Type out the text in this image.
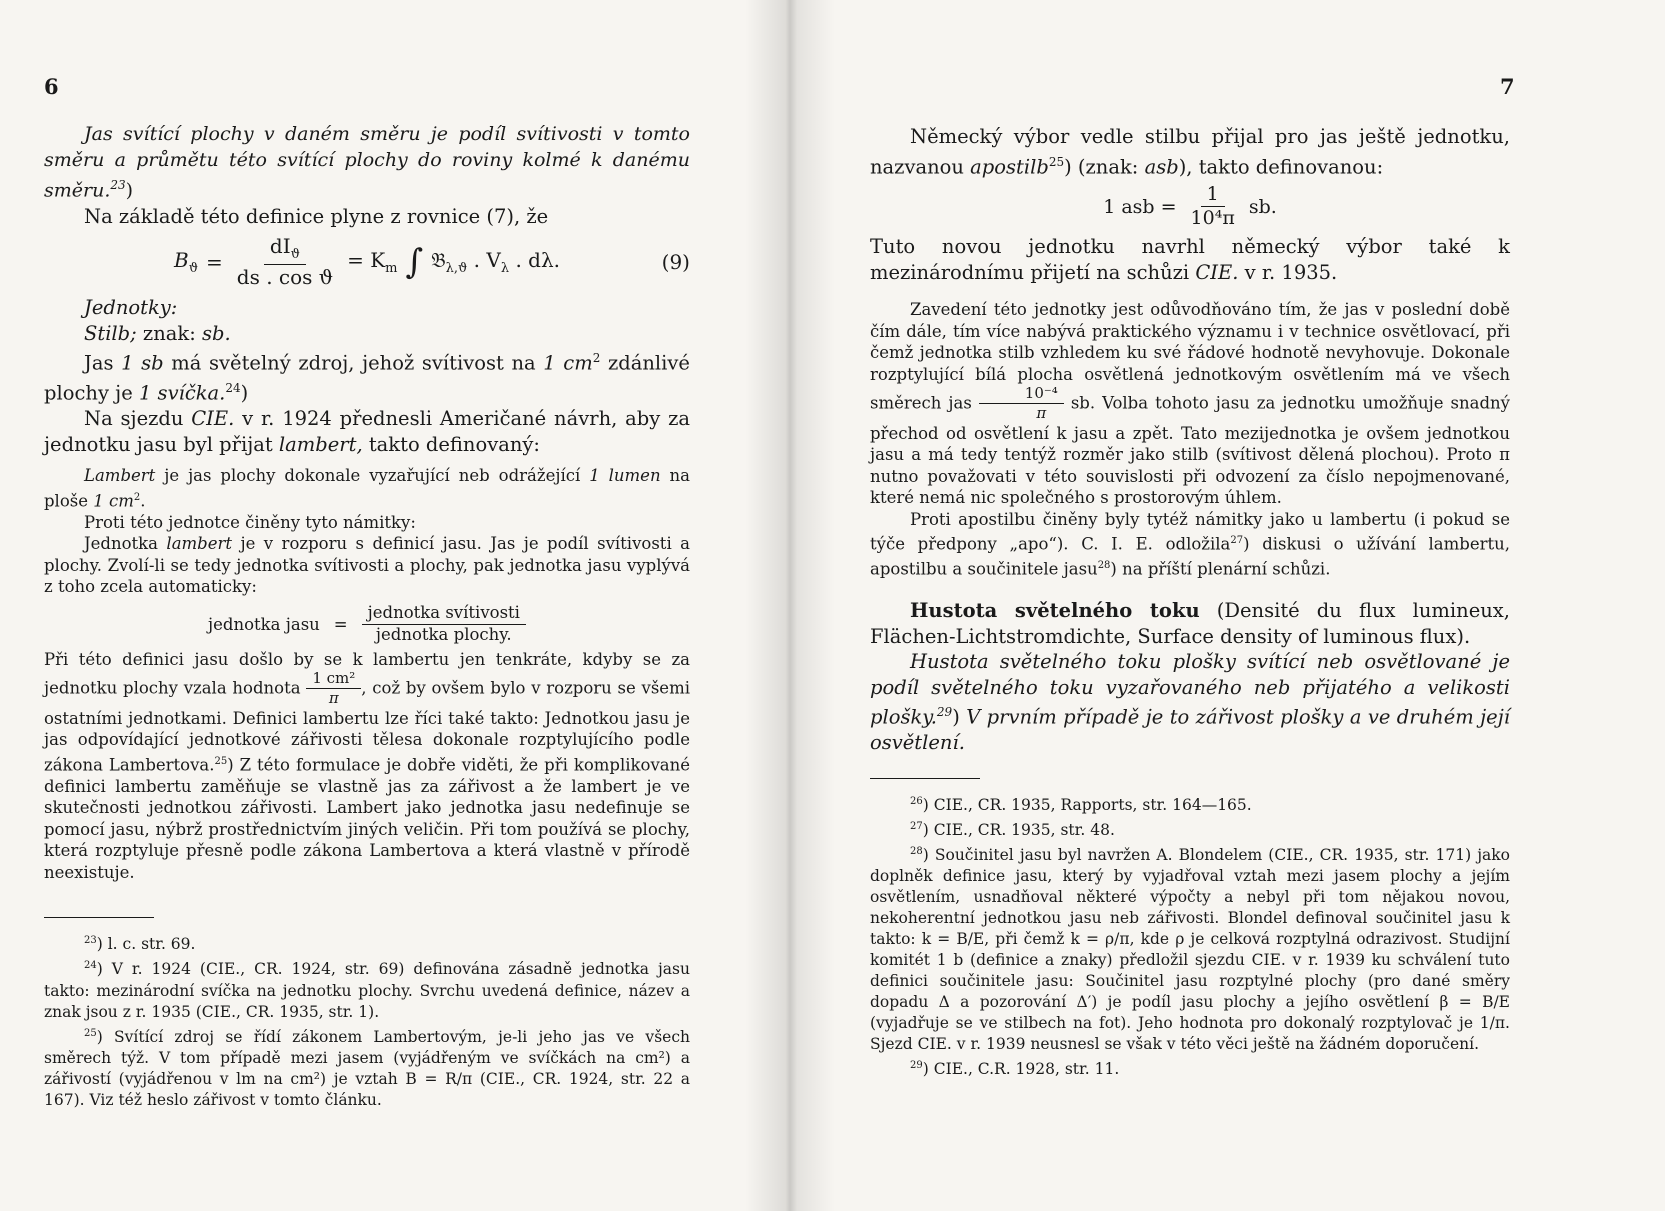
6

Jas svítící plochy v daném směru je podíl svítivosti v tomto směru a průmětu této svítící plochy do roviny kolmé k danému směru.$^{23}$)

Na základě této definice plyne z rovnice (7), že

$B_ϑ = \frac{dI_ϑ}{\text{ds . cos ϑ}} = K_m$ ∫ 𝔅$_{\lambda,ϑ}$ . $V_\lambda$ . dλ.	(9)

Jednotky:

Stilb; znak: sb.

Jas 1 sb má světelný zdroj, jehož svítivost na 1 $cm^2$ zdánlivé plochy je 1 svíčka.$^{24}$)

Na sjezdu CIE. v r. 1924 přednesli Američané návrh, aby za jednotku jasu byl přijat lambert, takto definovaný:

Lambert je jas plochy dokonale vyzařující neb odrážející 1 lumen na ploše 1 $cm^2$.

Proti této jednotce činěny tyto námitky:

Jednotka lambert je v rozporu s definicí jasu. Jas je podíl svítivosti a plochy. Zvolí-li se tedy jednotka svítivosti a plochy, pak jednotka jasu vyplývá z toho zcela automaticky:

jednotka jasu = $\frac{\text{jednotka svítivosti}}{\text{jednotka plochy.}}$

Při této definici jasu došlo by se k lambertu jen tenkráte, kdyby se za jednotku plochy vzala hodnota $\frac{\text{1 cm²}}{\pi}$ , což by ovšem bylo v rozporu se všemi ostatními jednotkami. Definici lambertu lze říci také takto: Jednotkou jasu je jas odpovídající jednotkové zářivosti tělesa dokonale rozptylujícího podle zákona Lambertova.$^{25}$) Z této formulace je dobře viděti, že při komplikované definici lambertu zaměňuje se vlastně jas za zářivost a že lambert je ve skutečnosti jednotkou zářivosti. Lambert jako jednotka jasu nedefinuje se pomocí jasu, nýbrž prostřednictvím jiných veličin. Při tom používá se plochy, která rozptyluje přesně podle zákona Lambertova a která vlastně v přírodě neexistuje.

$^{23}$) l. c. str. 69.

$^{24}$) V r. 1924 (CIE., CR. 1924, str. 69) definována zásadně jednotka jasu takto: mezinárodní svíčka na jednotku plochy. Svrchu uvedená definice, název a znak jsou z r. 1935 (CIE., CR. 1935, str. 1).

$^{25}$) Svítící zdroj se řídí zákonem Lambertovým, je-li jeho jas ve všech směrech týž. V tom případě mezi jasem (vyjádřeným ve svíčkách na cm²) a zářivostí (vyjádřenou v lm na cm²) je vztah B = R/π (CIE., CR. 1924, str. 22 a 167). Viz též heslo zářivost v tomto článku.

7

Německý výbor vedle stilbu přijal pro jas ještě jednotku, nazvanou apostilb$^{25}$) (znak: asb), takto definovanou:

1 asb = $\frac{1}{\text{10⁴π}}$ sb.

Tuto novou jednotku navrhl německý výbor také k mezinárodnímu přijetí na schůzi CIE. v r. 1935.

Zavedení této jednotky jest odůvodňováno tím, že jas v poslední době čím dále, tím více nabývá praktického významu i v technice osvětlovací, při čemž jednotka stilb vzhledem ku své řádové hodnotě nevyhovuje. Dokonale rozptylující bílá plocha osvětlená jednotkovým osvětlením má ve všech směrech jas $\frac{\text{10⁻⁴}}{\pi}$ sb. Volba tohoto jasu za jednotku umožňuje snadný přechod od osvětlení k jasu a zpět. Tato mezijednotka je ovšem jednotkou jasu a má tedy tentýž rozměr jako stilb (svítivost dělená plochou). Proto π nutno považovati v této souvislosti při odvození za číslo nepojmenované, které nemá nic společného s prostorovým úhlem.

Proti apostilbu činěny byly tytéž námitky jako u lambertu (i pokud se týče předpony „apo“). C. I. E. odložila$^{27}$) diskusi o užívání lambertu, apostilbu a součinitele jasu$^{28}$) na příští plenární schůzi.

Hustota světelného toku (Densité du flux lumineux, Flächen-Lichtstromdichte, Surface density of luminous flux).

Hustota světelného toku plošky svítící neb osvětlované je podíl světelného toku vyzařovaného neb přijatého a velikosti plošky.$^{29}$) V prvním případě je to zářivost plošky a ve druhém její osvětlení.

$^{26}$) CIE., CR. 1935, Rapports, str. 164—165.

$^{27}$) CIE., CR. 1935, str. 48.

$^{28}$) Součinitel jasu byl navržen A. Blondelem (CIE., CR. 1935, str. 171) jako doplněk definice jasu, který by vyjadřoval vztah mezi jasem plochy a jejím osvětlením, usnadňoval některé výpočty a nebyl při tom nějakou novou, nekoherentní jednotkou jasu neb zářivosti. Blondel definoval součinitel jasu k takto: k = B/E, při čemž k = ρ/π, kde ρ je celková rozptylná odrazivost. Studijní komitét 1 b (definice a znaky) předložil sjezdu CIE. v r. 1939 ku schválení tuto definici součinitele jasu: Součinitel jasu rozptylné plochy (pro dané směry dopadu Δ a pozorování Δ′) je podíl jasu plochy a jejího osvětlení β = B/E (vyjadřuje se ve stilbech na fot). Jeho hodnota pro dokonalý rozptylovač je 1/π. Sjezd CIE. v r. 1939 neusnesl se však v této věci ještě na žádném doporučení.

$^{29}$) CIE., C.R. 1928, str. 11.
